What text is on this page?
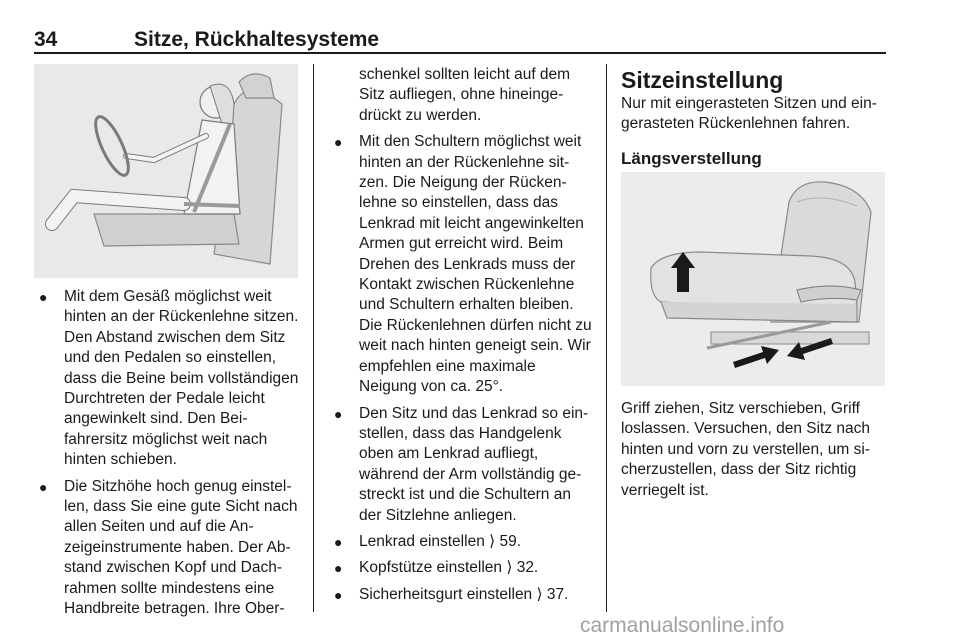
34	Sitze, Rückhaltesysteme
● Mit dem Gesäß möglichst weit hinten an der Rückenlehne sitzen. Den Abstand zwischen dem Sitz und den Pedalen so einstellen, dass die Beine beim vollständigen Durchtreten der Pedale leicht angewinkelt sind. Den Beifahrersitz möglichst weit nach hinten schieben.
● Die Sitzhöhe hoch genug einstellen, dass Sie eine gute Sicht nach allen Seiten und auf die Anzeigeinstrumente haben. Der Abstand zwischen Kopf und Dachrahmen sollte mindestens eine Handbreite betragen. Ihre Ober-

schenkel sollten leicht auf dem Sitz aufliegen, ohne hineingedrückt zu werden.

● Mit den Schultern möglichst weit hinten an der Rückenlehne sitzen. Die Neigung der Rückenlehne so einstellen, dass das Lenkrad mit leicht angewinkelten Armen gut erreicht wird. Beim Drehen des Lenkrads muss der Kontakt zwischen Rückenlehne und Schultern erhalten bleiben. Die Rückenlehnen dürfen nicht zu weit nach hinten geneigt sein. Wir empfehlen eine maximale Neigung von ca. 25°.
● Den Sitz und das Lenkrad so einstellen, dass das Handgelenk oben am Lenkrad aufliegt, während der Arm vollständig gestreckt ist und die Schultern an der Sitzlehne anliegen.
● Lenkrad einstellen ⟩ 59.
● Kopfstütze einstellen ⟩ 32.
● Sicherheitsgurt einstellen ⟩ 37.
Sitzeinstellung

Nur mit eingerasteten Sitzen und eingerasteten Rückenlehnen fahren.

Längsverstellung

Griff ziehen, Sitz verschieben, Griff loslassen. Versuchen, den Sitz nach hinten und vorn zu verstellen, um sicherzustellen, dass der Sitz richtig verriegelt ist.

carmanualsonline.info
